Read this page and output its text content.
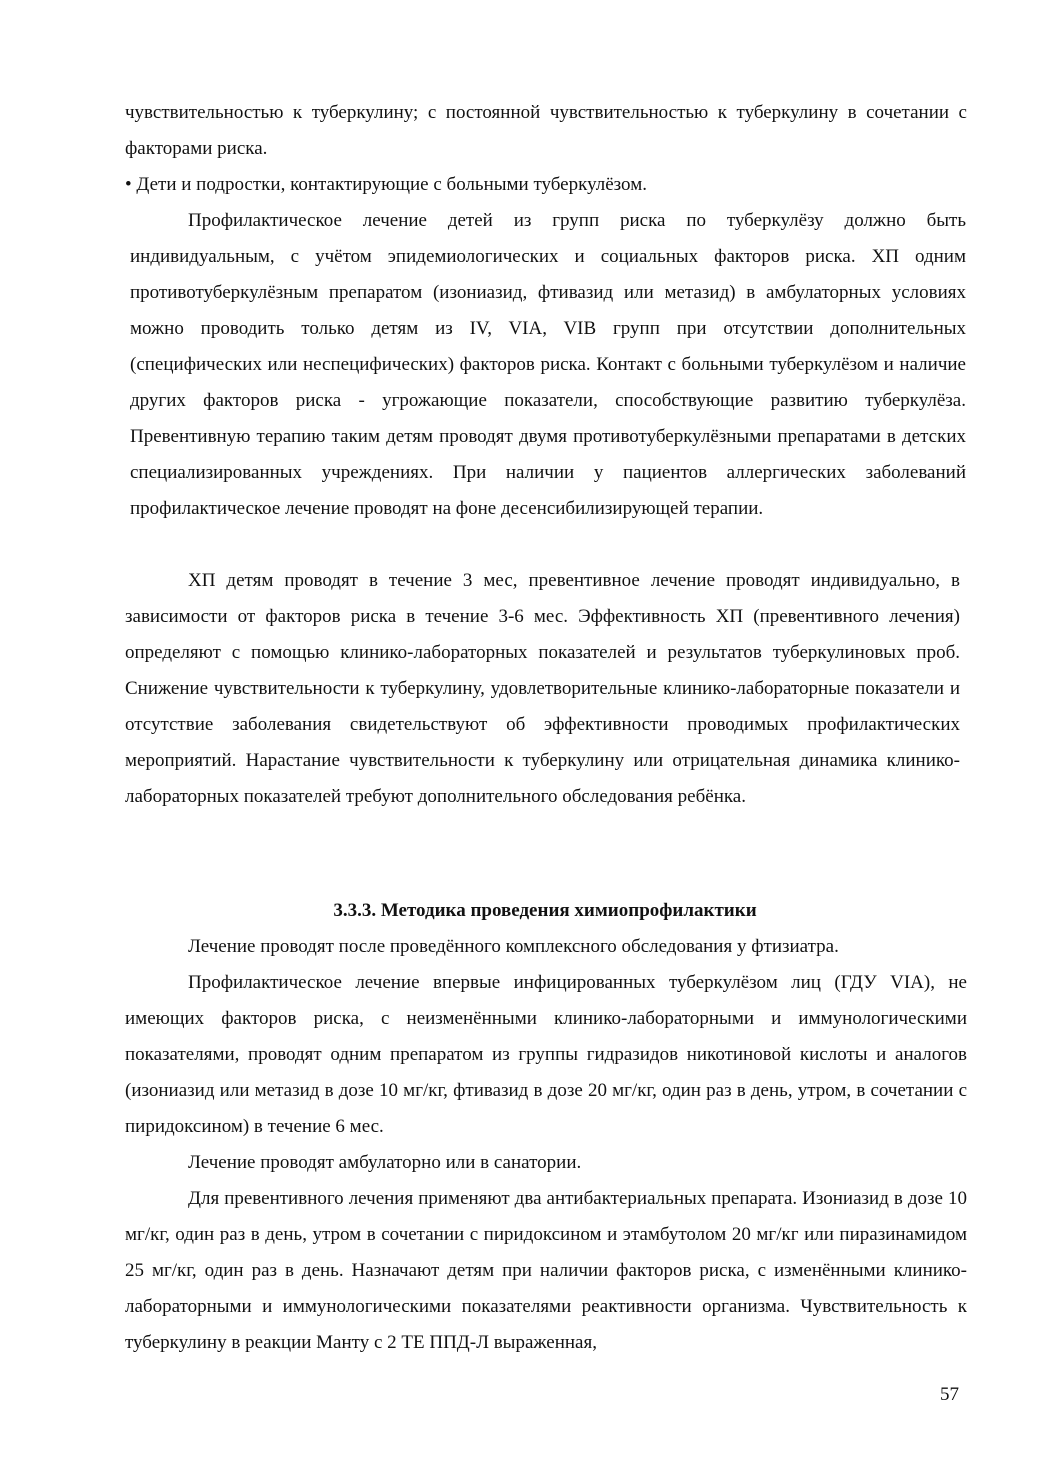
чувствительностью к туберкулину; с постоянной чувствительностью к туберкулину в сочетании с факторами риска.
• Дети и подростки, контактирующие с больными туберкулёзом.
Профилактическое лечение детей из групп риска по туберкулёзу должно быть индивидуальным, с учётом эпидемиологических и социальных факторов риска. ХП одним противотуберкулёзным препаратом (изониазид, фтивазид или метазид) в амбулаторных условиях можно проводить только детям из IV, VIA, VIB групп при отсутствии дополнительных (специфических или неспецифических) факторов риска. Контакт с больными туберкулёзом и наличие других факторов риска - угрожающие показатели, способствующие развитию туберкулёза. Превентивную терапию таким детям проводят двумя противотуберкулёзными препаратами в детских специализированных учреждениях. При наличии у пациентов аллергических заболеваний профилактическое лечение проводят на фоне десенсибилизирующей терапии.
ХП детям проводят в течение 3 мес, превентивное лечение проводят индивидуально, в зависимости от факторов риска в течение 3-6 мес. Эффективность ХП (превентивного лечения) определяют с помощью клинико-лабораторных показателей и результатов туберкулиновых проб. Снижение чувствительности к туберкулину, удовлетворительные клинико-лабораторные показатели и отсутствие заболевания свидетельствуют об эффективности проводимых профилактических мероприятий. Нарастание чувствительности к туберкулину или отрицательная динамика клинико-лабораторных показателей требуют дополнительного обследования ребёнка.
3.3.3. Методика проведения химиопрофилактики
Лечение проводят после проведённого комплексного обследования у фтизиатра.
Профилактическое лечение впервые инфицированных туберкулёзом лиц (ГДУ VIA), не имеющих факторов риска, с неизменёнными клинико-лабораторными и иммунологическими показателями, проводят одним препаратом из группы гидразидов никотиновой кислоты и аналогов (изониазид или метазид в дозе 10 мг/кг, фтивазид в дозе 20 мг/кг, один раз в день, утром, в сочетании с пиридоксином) в течение 6 мес.
Лечение проводят амбулаторно или в санатории.
Для превентивного лечения применяют два антибактериальных препарата. Изониазид в дозе 10 мг/кг, один раз в день, утром в сочетании с пиридоксином и этамбутолом 20 мг/кг или пиразинамидом 25 мг/кг, один раз в день. Назначают детям при наличии факторов риска, с изменёнными клинико-лабораторными и иммунологическими показателями реактивности организма. Чувствительность к туберкулину в реакции Манту с 2 ТЕ ППД-Л выраженная,
57
